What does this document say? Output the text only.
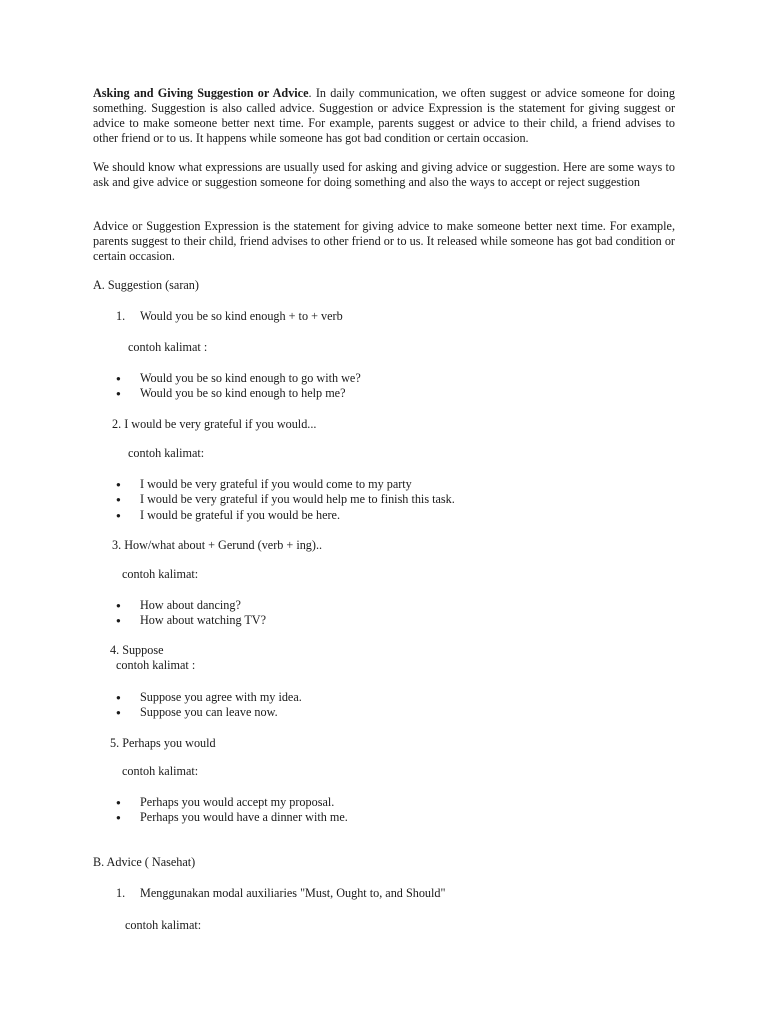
Asking and Giving Suggestion or Advice. In daily communication, we often suggest or advice someone for doing something. Suggestion is also called advice. Suggestion or advice Expression is the statement for giving suggest or advice to make someone better next time. For example, parents suggest or advice to their child, a friend advises to other friend or to us. It happens while someone has got bad condition or certain occasion.

We should know what expressions are usually used for asking and giving advice or suggestion. Here are some ways to ask and give advice or suggestion someone for doing something and also the ways to accept or reject suggestion

Advice or Suggestion Expression is the statement for giving advice to make someone better next time. For example, parents suggest to their child, friend advises to other friend or to us. It released while someone has got bad condition or certain occasion.

A. Suggestion (saran)
1. Would you be so kind enough + to + verb
contoh kalimat :
● Would you be so kind enough to go with we?
● Would you be so kind enough to help me?
2. I would be very grateful if you would...
contoh kalimat:
● I would be very grateful if you would come to my party
● I would be very grateful if you would help me to finish this task.
● I would be grateful if you would be here.
3. How/what about + Gerund (verb + ing)..
contoh kalimat:
● How about dancing?
● How about watching TV?
4. Suppose
contoh kalimat :
● Suppose you agree with my idea.
● Suppose you can leave now.
5. Perhaps you would
contoh kalimat:
● Perhaps you would accept my proposal.
● Perhaps you would have a dinner with me.
B. Advice ( Nasehat)
1. Menggunakan modal auxiliaries "Must, Ought to, and Should"
contoh kalimat:
